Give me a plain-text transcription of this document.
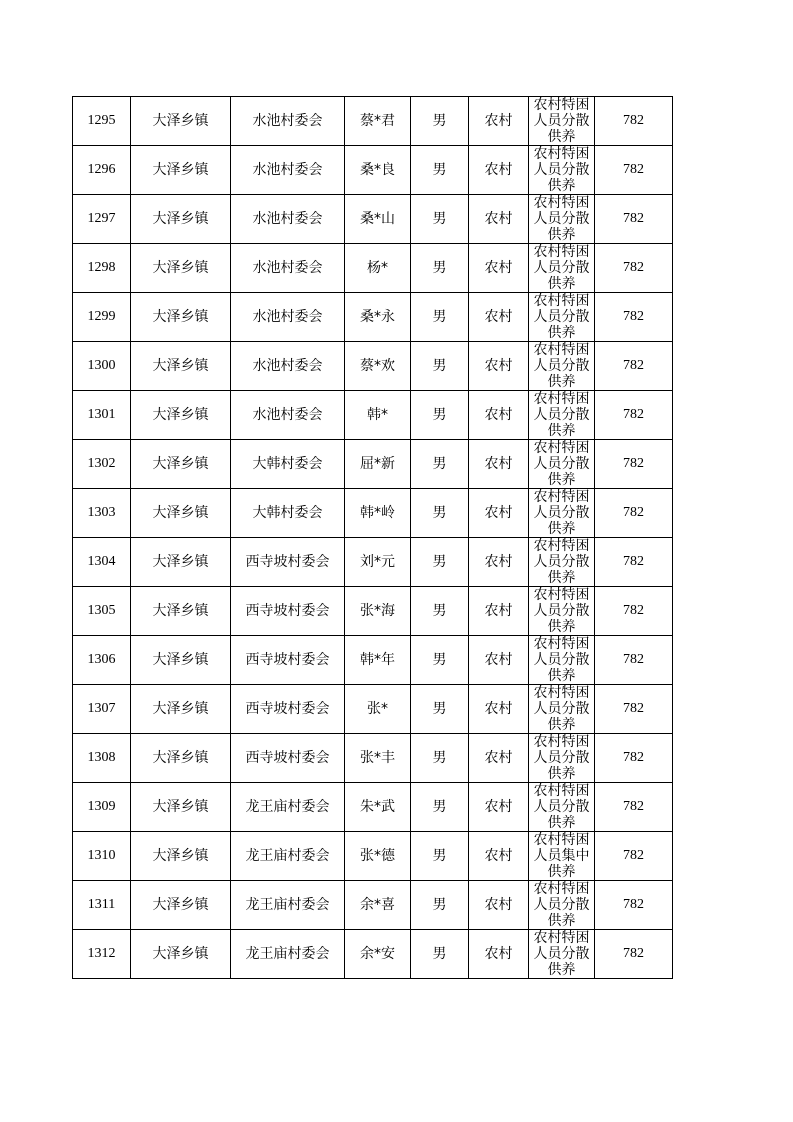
1295	大泽乡镇	水池村委会	蔡*君	男	农村	农村特困人员分散供养	782
1296	大泽乡镇	水池村委会	桑*良	男	农村	农村特困人员分散供养	782
1297	大泽乡镇	水池村委会	桑*山	男	农村	农村特困人员分散供养	782
1298	大泽乡镇	水池村委会	杨*	男	农村	农村特困人员分散供养	782
1299	大泽乡镇	水池村委会	桑*永	男	农村	农村特困人员分散供养	782
1300	大泽乡镇	水池村委会	蔡*欢	男	农村	农村特困人员分散供养	782
1301	大泽乡镇	水池村委会	韩*	男	农村	农村特困人员分散供养	782
1302	大泽乡镇	大韩村委会	屈*新	男	农村	农村特困人员分散供养	782
1303	大泽乡镇	大韩村委会	韩*岭	男	农村	农村特困人员分散供养	782
1304	大泽乡镇	西寺坡村委会	刘*元	男	农村	农村特困人员分散供养	782
1305	大泽乡镇	西寺坡村委会	张*海	男	农村	农村特困人员分散供养	782
1306	大泽乡镇	西寺坡村委会	韩*年	男	农村	农村特困人员分散供养	782
1307	大泽乡镇	西寺坡村委会	张*	男	农村	农村特困人员分散供养	782
1308	大泽乡镇	西寺坡村委会	张*丰	男	农村	农村特困人员分散供养	782
1309	大泽乡镇	龙王庙村委会	朱*武	男	农村	农村特困人员分散供养	782
1310	大泽乡镇	龙王庙村委会	张*德	男	农村	农村特困人员集中供养	782
1311	大泽乡镇	龙王庙村委会	余*喜	男	农村	农村特困人员分散供养	782
1312	大泽乡镇	龙王庙村委会	余*安	男	农村	农村特困人员分散供养	782
